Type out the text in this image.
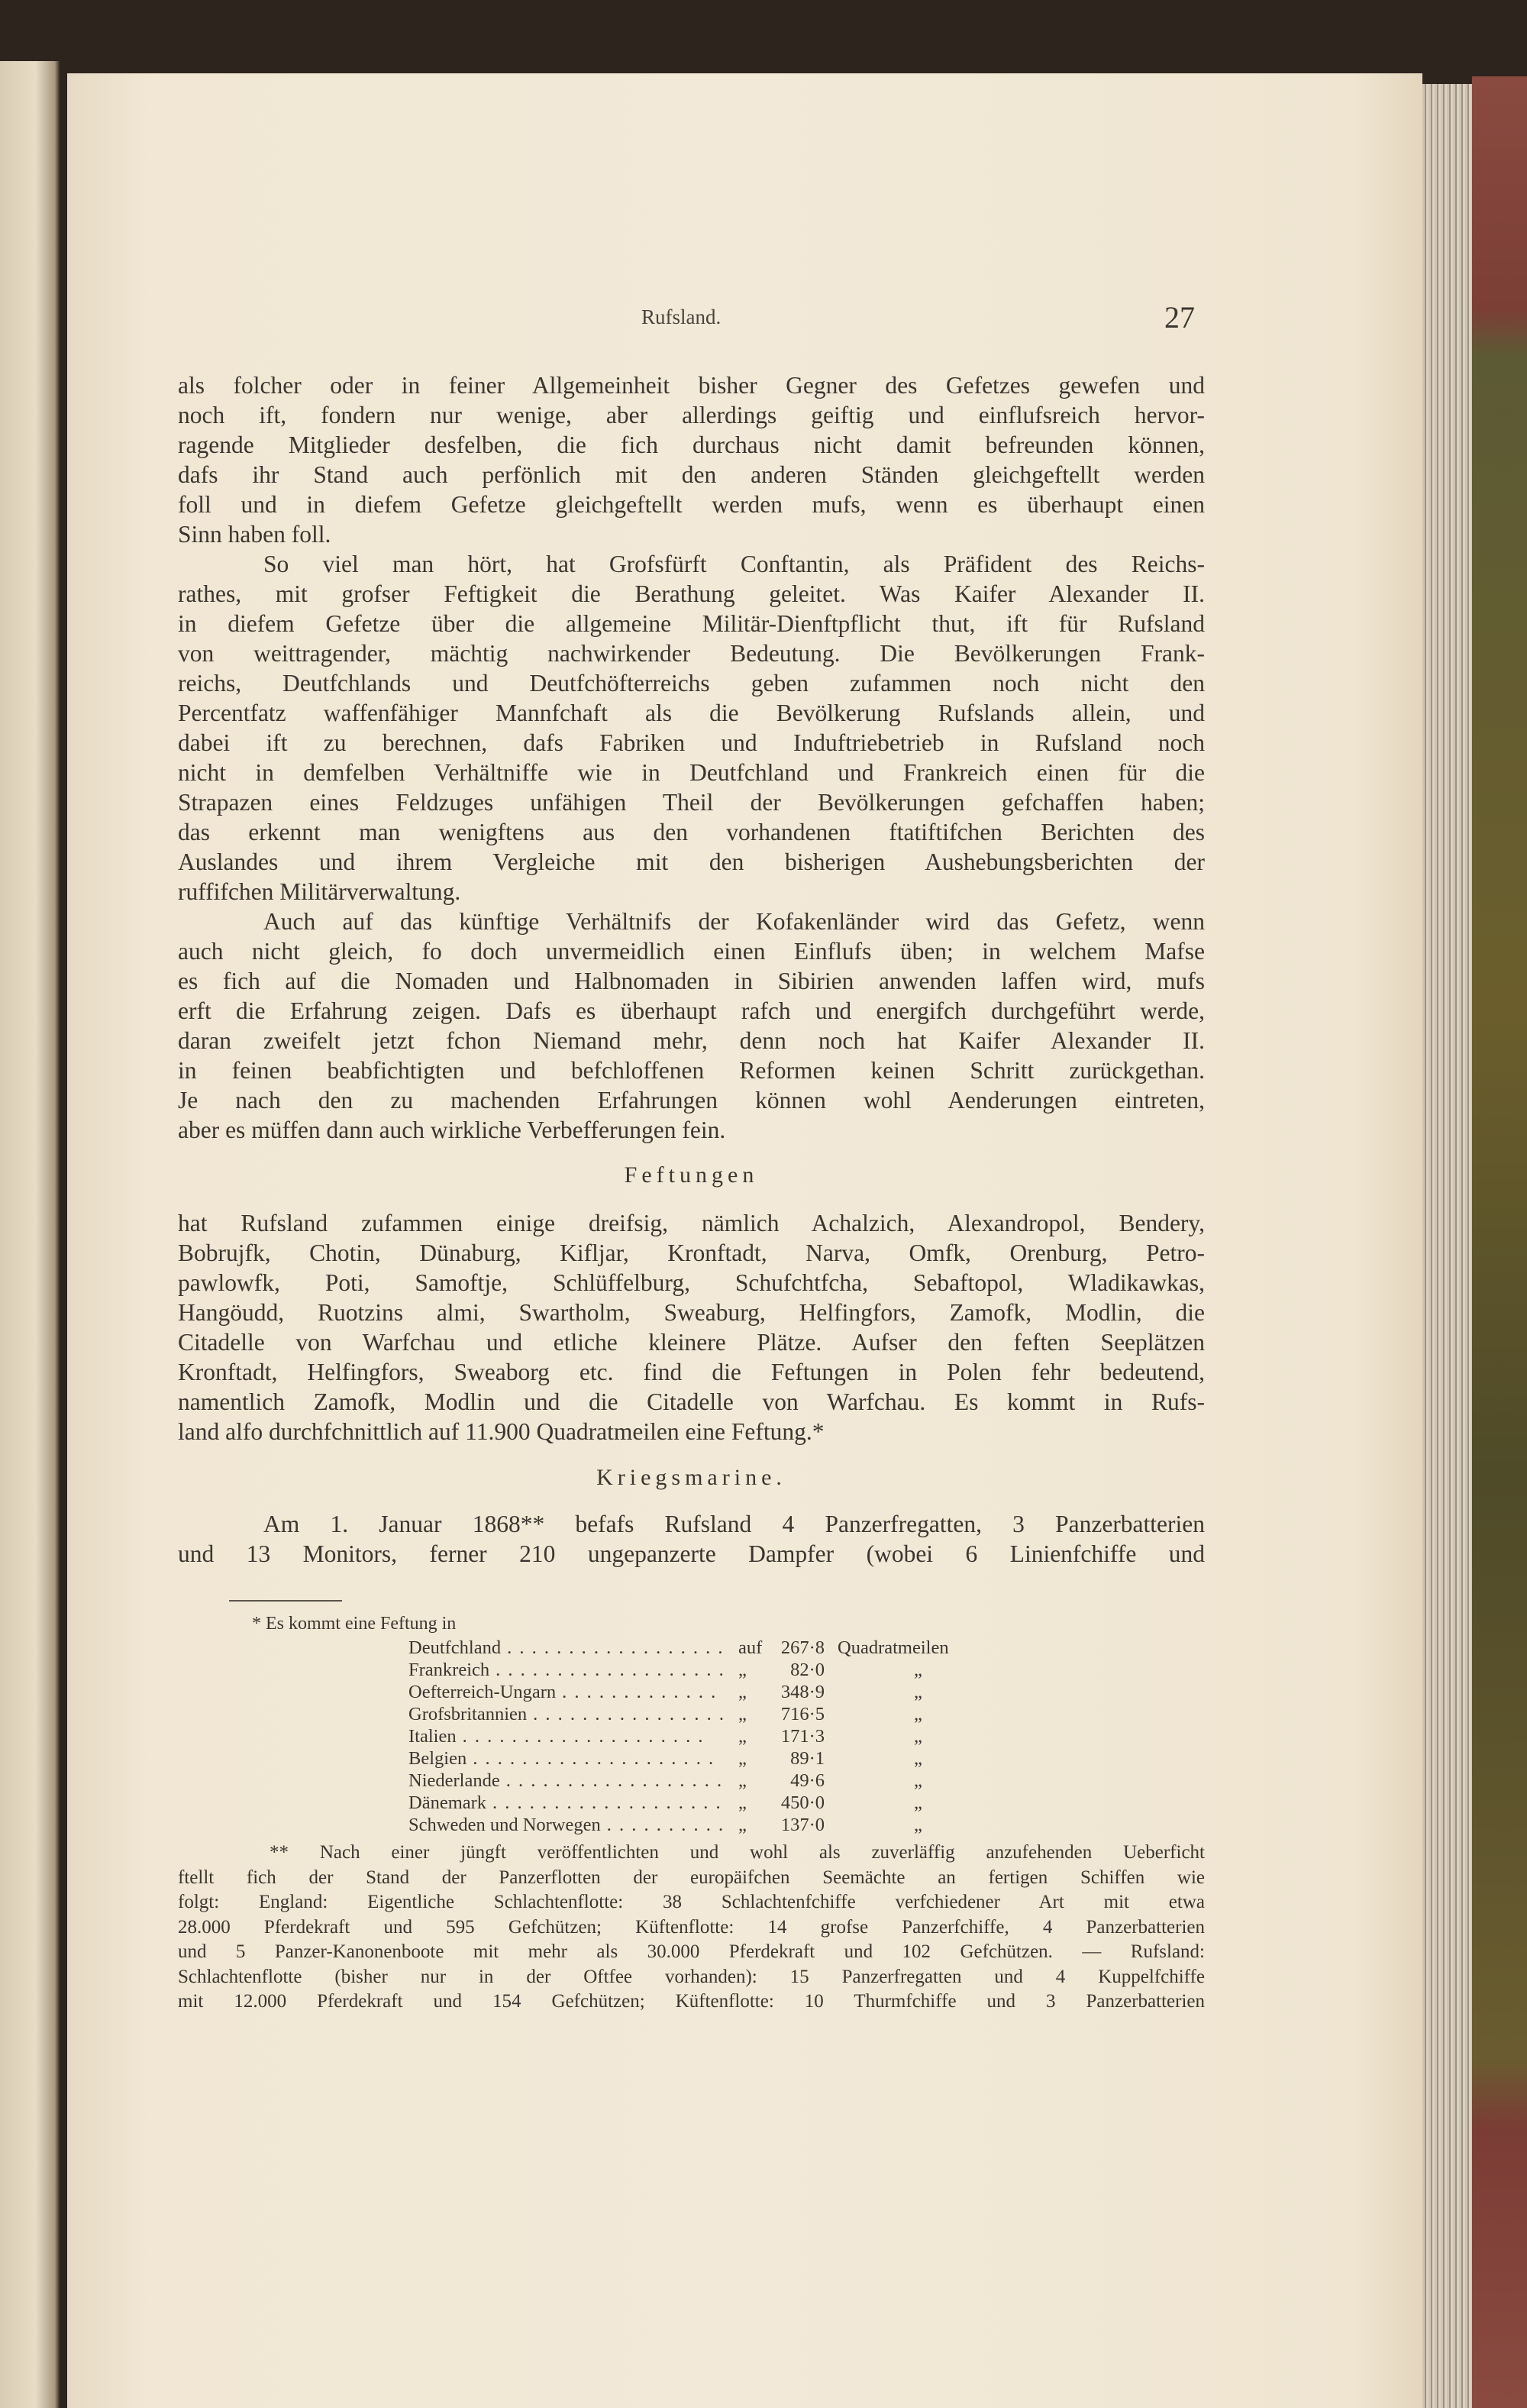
Rufsland.	27
als folcher oder in feiner Allgemeinheit bisher Gegner des Gefetzes gewefen und
noch ift, fondern nur wenige, aber allerdings geiftig und einflufsreich hervor-
ragende Mitglieder desfelben, die fich durchaus nicht damit befreunden können,
dafs ihr Stand auch perfönlich mit den anderen Ständen gleichgeftellt werden
foll und in diefem Gefetze gleichgeftellt werden mufs, wenn es überhaupt einen
Sinn haben foll.
So viel man hört, hat Grofsfürft Conftantin, als Präfident des Reichs-
rathes, mit grofser Feftigkeit die Berathung geleitet. Was Kaifer Alexander II.
in diefem Gefetze über die allgemeine Militär-Dienftpflicht thut, ift für Rufsland
von weittragender, mächtig nachwirkender Bedeutung. Die Bevölkerungen Frank-
reichs, Deutfchlands und Deutfchöfterreichs geben zufammen noch nicht den
Percentfatz waffenfähiger Mannfchaft als die Bevölkerung Rufslands allein, und
dabei ift zu berechnen, dafs Fabriken und Induftriebetrieb in Rufsland noch
nicht in demfelben Verhältniffe wie in Deutfchland und Frankreich einen für die
Strapazen eines Feldzuges unfähigen Theil der Bevölkerungen gefchaffen haben;
das erkennt man wenigftens aus den vorhandenen ftatiftifchen Berichten des
Auslandes und ihrem Vergleiche mit den bisherigen Aushebungsberichten der
ruffifchen Militärverwaltung.
Auch auf das künftige Verhältnifs der Kofakenländer wird das Gefetz, wenn
auch nicht gleich, fo doch unvermeidlich einen Einflufs üben; in welchem Mafse
es fich auf die Nomaden und Halbnomaden in Sibirien anwenden laffen wird, mufs
erft die Erfahrung zeigen. Dafs es überhaupt rafch und energifch durchgeführt werde,
daran zweifelt jetzt fchon Niemand mehr, denn noch hat Kaifer Alexander II.
in feinen beabfichtigten und befchloffenen Reformen keinen Schritt zurückgethan.
Je nach den zu machenden Erfahrungen können wohl Aenderungen eintreten,
aber es müffen dann auch wirkliche Verbefferungen fein.
Feftungen
hat Rufsland zufammen einige dreifsig, nämlich Achalzich, Alexandropol, Bendery,
Bobrujfk, Chotin, Dünaburg, Kifljar, Kronftadt, Narva, Omfk, Orenburg, Petro-
pawlowfk, Poti, Samoftje, Schlüffelburg, Schufchtfcha, Sebaftopol, Wladikawkas,
Hangöudd, Ruotzins almi, Swartholm, Sweaburg, Helfingfors, Zamofk, Modlin, die
Citadelle von Warfchau und etliche kleinere Plätze. Aufser den feften Seeplätzen
Kronftadt, Helfingfors, Sweaborg etc. find die Feftungen in Polen fehr bedeutend,
namentlich Zamofk, Modlin und die Citadelle von Warfchau. Es kommt in Rufs-
land alfo durchfchnittlich auf 11.900 Quadratmeilen eine Feftung.*
Kriegsmarine.
Am 1. Januar 1868** befafs Rufsland 4 Panzerfregatten, 3 Panzerbatterien
und 13 Monitors, ferner 210 ungepanzerte Dampfer (wobei 6 Linienfchiffe und
* Es kommt eine Feftung in
Deutfchland . . . . . . . . . . . . . . . . . . auf	267·8 Quadratmeilen
Frankreich . . . . . . . . . . . . . . . . . . . „	82·0	„
Oefterreich-Ungarn . . . . . . . . . . . . . „	348·9	„
Grofsbritannien . . . . . . . . . . . . . . . . „	716·5	„
Italien . . . . . . . . . . . . . . . . . . . . „	171·3	„
Belgien . . . . . . . . . . . . . . . . . . . . „	89·1	„
Niederlande . . . . . . . . . . . . . . . . . . „	49·6	„
Dänemark . . . . . . . . . . . . . . . . . . . „	450·0	„
Schweden und Norwegen . . . . . . . . . . „	137·0	„
** Nach einer jüngft veröffentlichten und wohl als zuverläffig anzufehenden Ueberficht
ftellt fich der Stand der Panzerflotten der europäifchen Seemächte an fertigen Schiffen wie
folgt: England: Eigentliche Schlachtenflotte: 38 Schlachtenfchiffe verfchiedener Art mit etwa
28.000 Pferdekraft und 595 Gefchützen; Küftenflotte: 14 grofse Panzerfchiffe, 4 Panzerbatterien
und 5 Panzer-Kanonenboote mit mehr als 30.000 Pferdekraft und 102 Gefchützen. — Rufsland:
Schlachtenflotte (bisher nur in der Oftfee vorhanden): 15 Panzerfregatten und 4 Kuppelfchiffe
mit 12.000 Pferdekraft und 154 Gefchützen; Küftenflotte: 10 Thurmfchiffe und 3 Panzerbatterien
